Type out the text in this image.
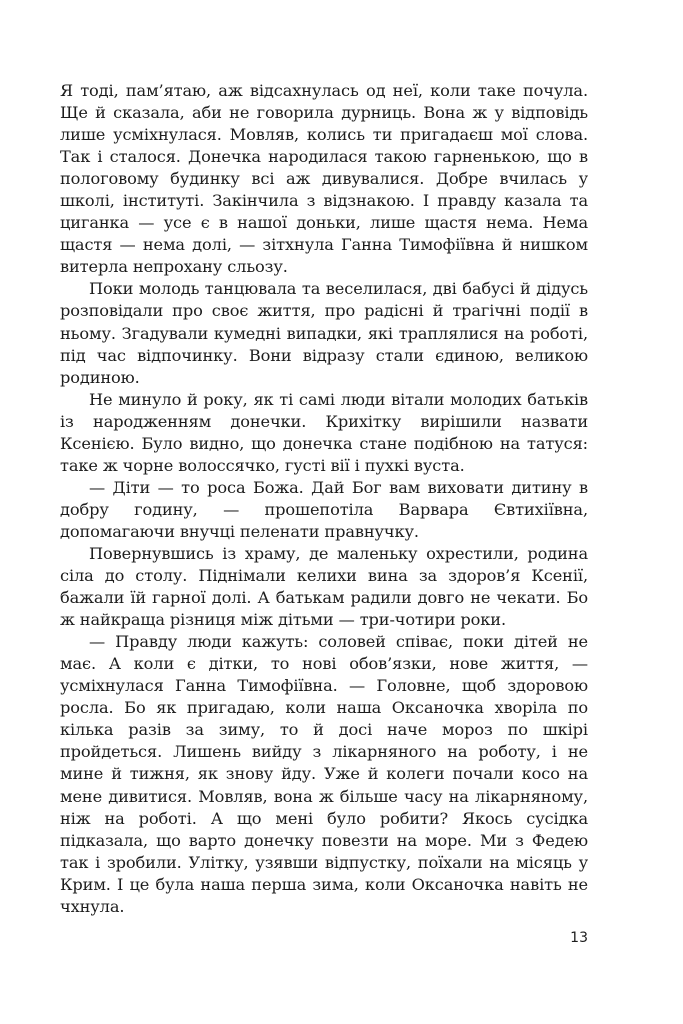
Я тоді, пам’ятаю, аж відсахнулась од неї, коли таке почула. Ще й сказала, аби не говорила дурниць. Вона ж у відповідь лише усміхнулася. Мовляв, колись ти пригадаєш мої слова. Так і сталося. Донечка народилася такою гарненькою, що в пологовому будинку всі аж дивувалися. Добре вчилась у школі, інституті. Закінчила з відзнакою. І правду казала та циганка — усе є в нашої доньки, лише щастя нема. Нема щастя — нема долі, — зітхнула Ганна Тимофіївна й нишком витерла непрохану сльозу.

Поки молодь танцювала та веселилася, дві бабусі й дідусь розповідали про своє життя, про радісні й трагічні події в ньому. Згадували кумедні випадки, які траплялися на роботі, під час відпочинку. Вони відразу стали єдиною, великою родиною.

Не минуло й року, як ті самі люди вітали молодих батьків із народженням донечки. Крихітку вирішили назвати Ксенією. Було видно, що донечка стане подібною на татуся: таке ж чорне волоссячко, густі вії і пухкі вуста.

— Діти — то роса Божа. Дай Бог вам виховати дитину в добру годину, — прошепотіла Варвара Євтихіївна, допомагаючи внучці пеленати правнучку.

Повернувшись із храму, де маленьку охрестили, родина сіла до столу. Піднімали келихи вина за здоров’я Ксенії, бажали їй гарної долі. А батькам радили довго не чекати. Бо ж найкраща різниця між дітьми — три-чотири роки.

— Правду люди кажуть: соловей співає, поки дітей не має. А коли є дітки, то нові обов’язки, нове життя, — усміхнулася Ганна Тимофіївна. — Головне, щоб здоровою росла. Бо як пригадаю, коли наша Оксаночка хворіла по кілька разів за зиму, то й досі наче мороз по шкірі пройдеться. Лишень вийду з лікарняного на роботу, і не мине й тижня, як знову йду. Уже й колеги почали косо на мене дивитися. Мовляв, вона ж більше часу на лікарняному, ніж на роботі. А що мені було робити? Якось сусідка підказала, що варто донечку повезти на море. Ми з Федею так і зробили. Улітку, узявши відпустку, поїхали на місяць у Крим. І це була наша перша зима, коли Оксаночка навіть не чхнула.

13
